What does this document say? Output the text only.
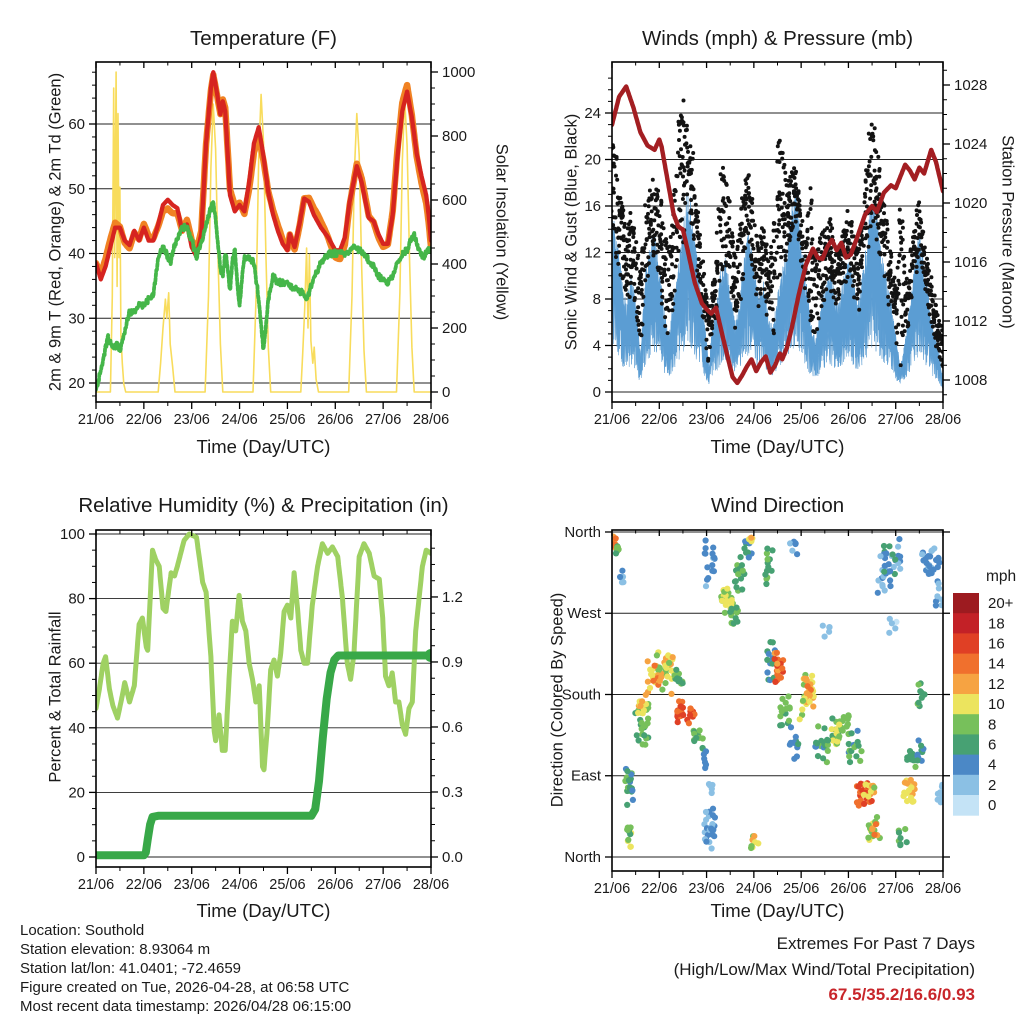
21/06 22/06 23/06 24/06 25/06 26/06 27/06 28/06
20
30
40
50
60
0
200
400
600
800
1000
21/06 22/06 23/06 24/06 25/06 26/06 27/06 28/06
0
4
8
12
16
20
24
1008
1012
1016
1020
1024
1028
21/06 22/06 23/06 24/06 25/06 26/06 27/06 28/06
0
20
40
60
80
100
0.0
0.3
0.6
0.9
1.2
21/06 22/06 23/06 24/06 25/06 26/06 27/06 28/06
North
West
South
East
North
20+
18
16
14
12
10
8
6
4
2
0
Temperature (F)	Winds (mph) & Pressure (mb)
Relative Humidity (%) & Precipitation (in)	Wind Direction
Time (Day/UTC)	Time (Day/UTC)
Time (Day/UTC)	Time (Day/UTC)
2m & 9m T (Red, Orange) & 2m Td (Green)	Solar Insolation (Yellow)	Sonic Wind & Gust (Blue, Black)	Station Pressure (Maroon)
Percent & Total Rainfall	Direction (Colored By Speed)
mph
Location: Southold
Station elevation: 8.93064 m
Station lat/lon: 41.0401; -72.4659
Figure created on Tue, 2026-04-28, at 06:58 UTC
Most recent data timestamp: 2026/04/28 06:15:00
Extremes For Past 7 Days
(High/Low/Max Wind/Total Precipitation)
67.5/35.2/16.6/0.93
